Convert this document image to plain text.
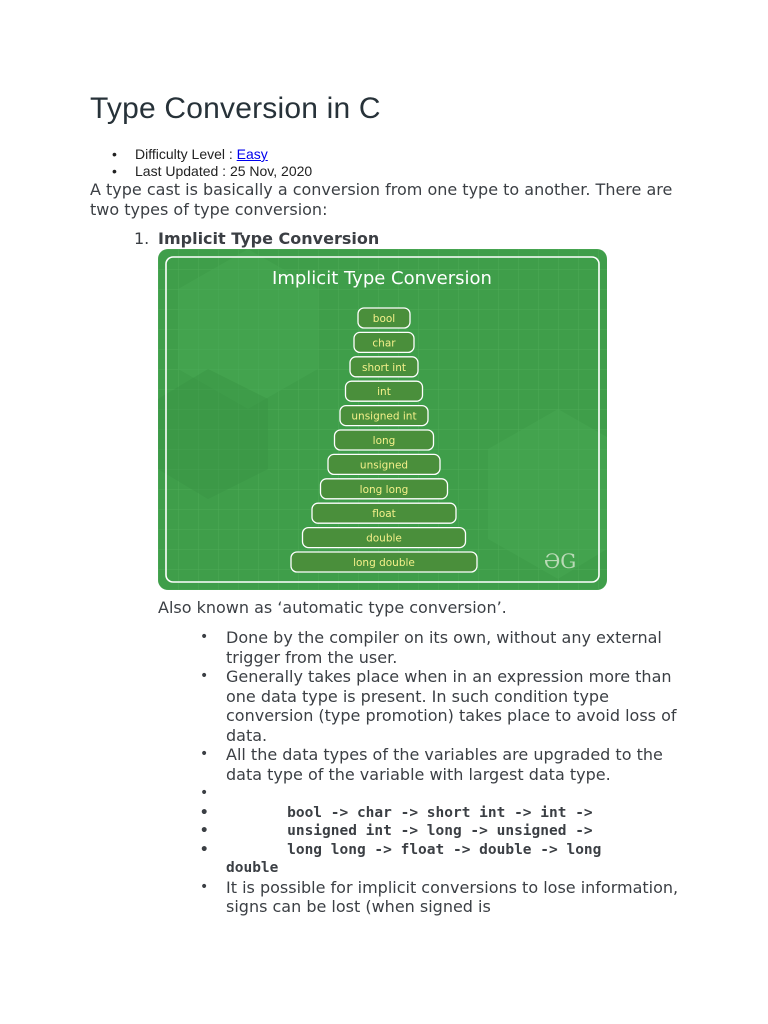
Type Conversion in C
• Difficulty Level : Easy
• Last Updated : 25 Nov, 2020

A type cast is basically a conversion from one type to another. There are two types of type conversion:

1. Implicit Type Conversion
Implicit Type Conversion
bool
char
short int
int
unsigned int
long
unsigned
long long
float
double
long double	ƏG

Also known as ‘automatic type conversion’.

• Done by the compiler on its own, without any external trigger from the user.
• Generally takes place when in an expression more than one data type is present. In such condition type conversion (type promotion) takes place to avoid loss of data.
• All the data types of the variables are upgraded to the data type of the variable with largest data type.
•
•        bool -> char -> short int -> int ->
•        unsigned int -> long -> unsigned ->
•        long long -> float -> double -> long
double
• It is possible for implicit conversions to lose information, signs can be lost (when signed is
